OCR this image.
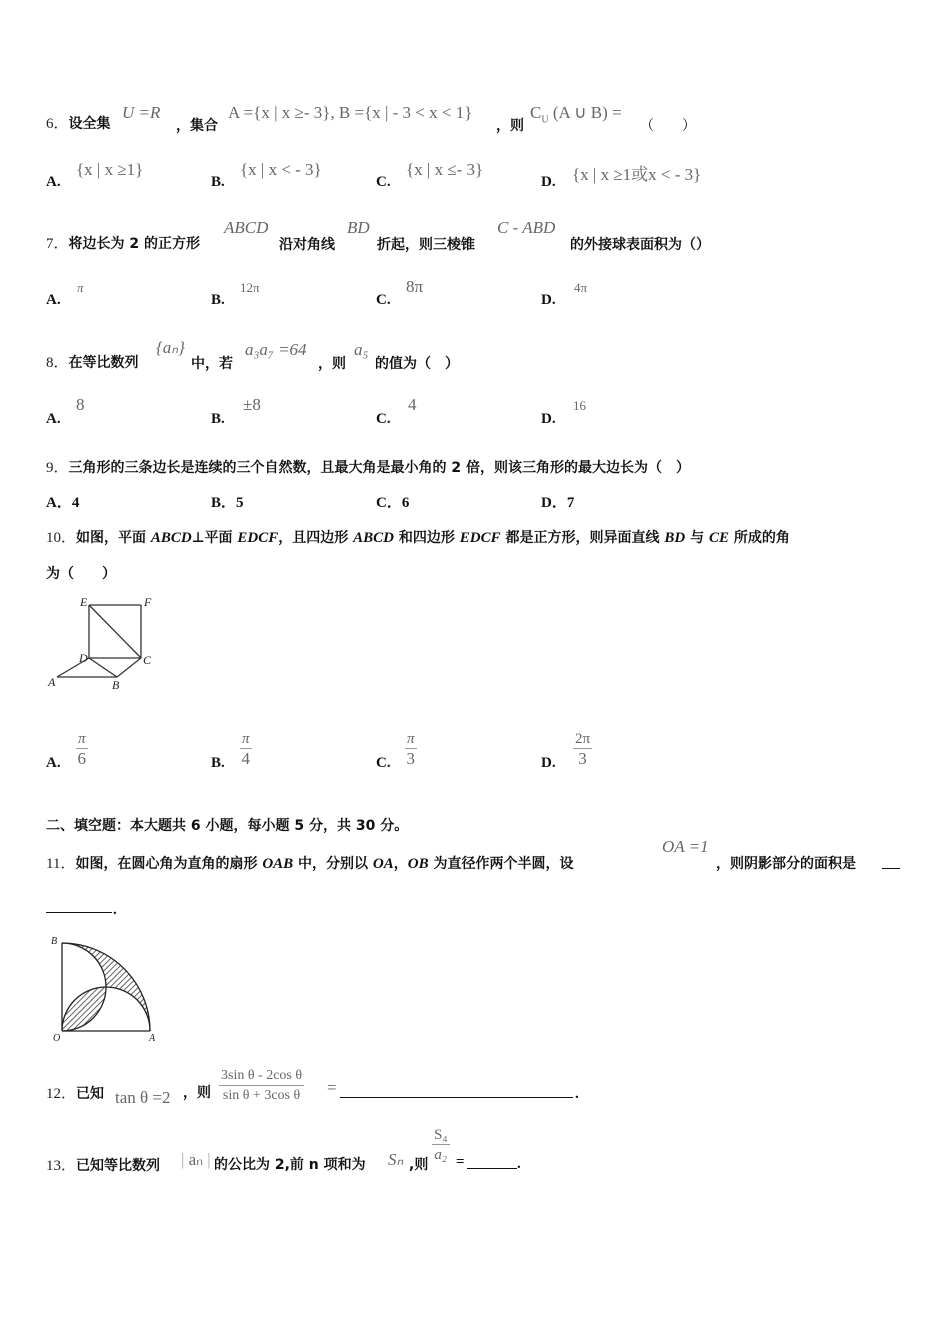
6．设全集
U =R
，集合
A ={x | x ≥- 3}, B ={x | - 3 < x < 1}
，则
$C_U$ (A ∪ B) =
（　　）
A.
{x | x ≥1}
B.
{x | x < - 3}
C.
{x | x ≤- 3}
D. {x | x ≥1或x < - 3}
7．将边长为 2 的正方形
ABCD
沿对角线
BD
折起，则三棱锥
C - ABD
的外接球表面积为（）
A.
π
B.
12π
C.
8π
D.
4π
8．在等比数列
{aₙ}
中，若
a₃a₇ =64
，则
a₅
的值为（　）
A.
8
B.
±8
C.
4
D.
16
9．三角形的三条边长是连续的三个自然数，且最大角是最小角的 2 倍，则该三角形的最大边长为（　）
A．4	B．5	C．6	D．7
10．如图，平面 ABCD⊥平面 EDCF，且四边形 ABCD 和四边形 EDCF 都是正方形，则异面直线 BD 与 CE 所成的角
为（　　）
E	F
D	C
A	B
A. $\frac{\pi}{6}$	B. $\frac{\pi}{4}$	C. $\frac{\pi}{3}$	D. $\frac{2\pi}{3}$
二、填空题：本大题共 6 小题，每小题 5 分，共 30 分。
11．如图，在圆心角为直角的扇形 OAB 中，分别以 OA，OB 为直径作两个半圆，设
OA =1
，则阴影部分的面积是
.
B
O	A
12．已知 tan θ =2 ，则 $\frac{\text{3sin θ - 2cos θ}}{\text{sin θ + 3cos θ}}$ =	.
13．已知等比数列 | aₙ | 的公比为 2,前 n 项和为 Sₙ ,则 $\frac{\text{S₄}}{\text{a₂}}$ =	.
